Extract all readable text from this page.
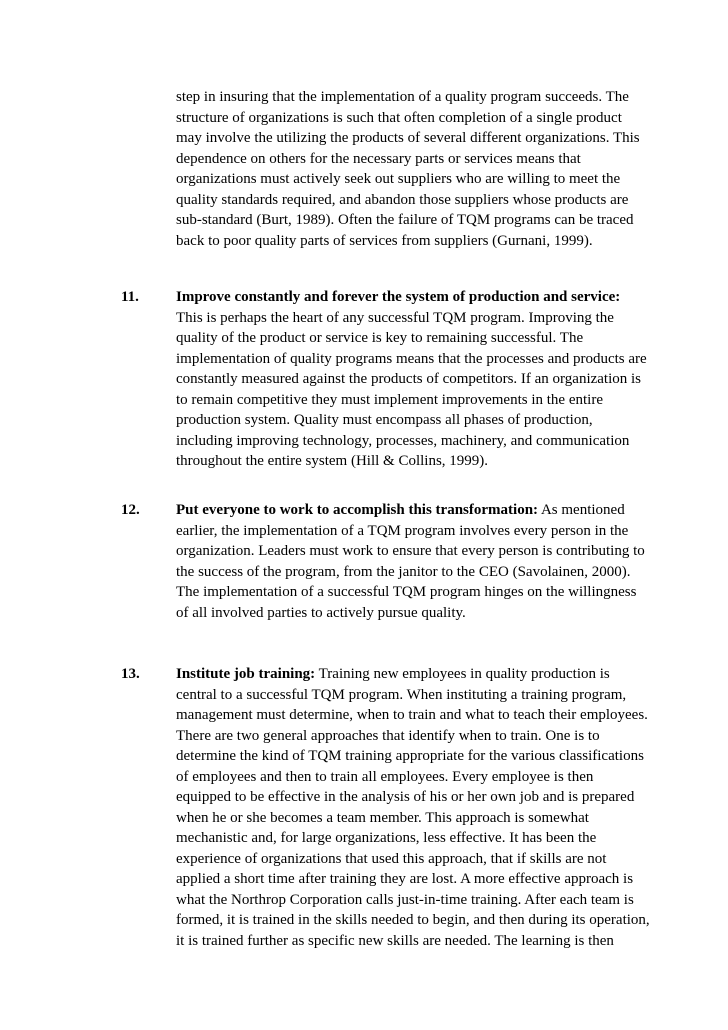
step in insuring that the implementation of a quality program succeeds. The
structure of organizations is such that often completion of a single product
may involve the utilizing the products of several different organizations. This
dependence on others for the necessary parts or services means that
organizations must actively seek out suppliers who are willing to meet the
quality standards required, and abandon those suppliers whose products are
sub-standard (Burt, 1989). Often the failure of TQM programs can be traced
back to poor quality parts of services from suppliers (Gurnani, 1999).
11. Improve constantly and forever the system of production and service:
This is perhaps the heart of any successful TQM program. Improving the
quality of the product or service is key to remaining successful. The
implementation of quality programs means that the processes and products are
constantly measured against the products of competitors. If an organization is
to remain competitive they must implement improvements in the entire
production system. Quality must encompass all phases of production,
including improving technology, processes, machinery, and communication
throughout the entire system (Hill & Collins, 1999).
12. Put everyone to work to accomplish this transformation: As mentioned
earlier, the implementation of a TQM program involves every person in the
organization. Leaders must work to ensure that every person is contributing to
the success of the program, from the janitor to the CEO (Savolainen, 2000).
The implementation of a successful TQM program hinges on the willingness
of all involved parties to actively pursue quality.
13. Institute job training: Training new employees in quality production is
central to a successful TQM program. When instituting a training program,
management must determine, when to train and what to teach their employees.
There are two general approaches that identify when to train. One is to
determine the kind of TQM training appropriate for the various classifications
of employees and then to train all employees. Every employee is then
equipped to be effective in the analysis of his or her own job and is prepared
when he or she becomes a team member. This approach is somewhat
mechanistic and, for large organizations, less effective. It has been the
experience of organizations that used this approach, that if skills are not
applied a short time after training they are lost. A more effective approach is
what the Northrop Corporation calls just-in-time training. After each team is
formed, it is trained in the skills needed to begin, and then during its operation,
it is trained further as specific new skills are needed. The learning is then
